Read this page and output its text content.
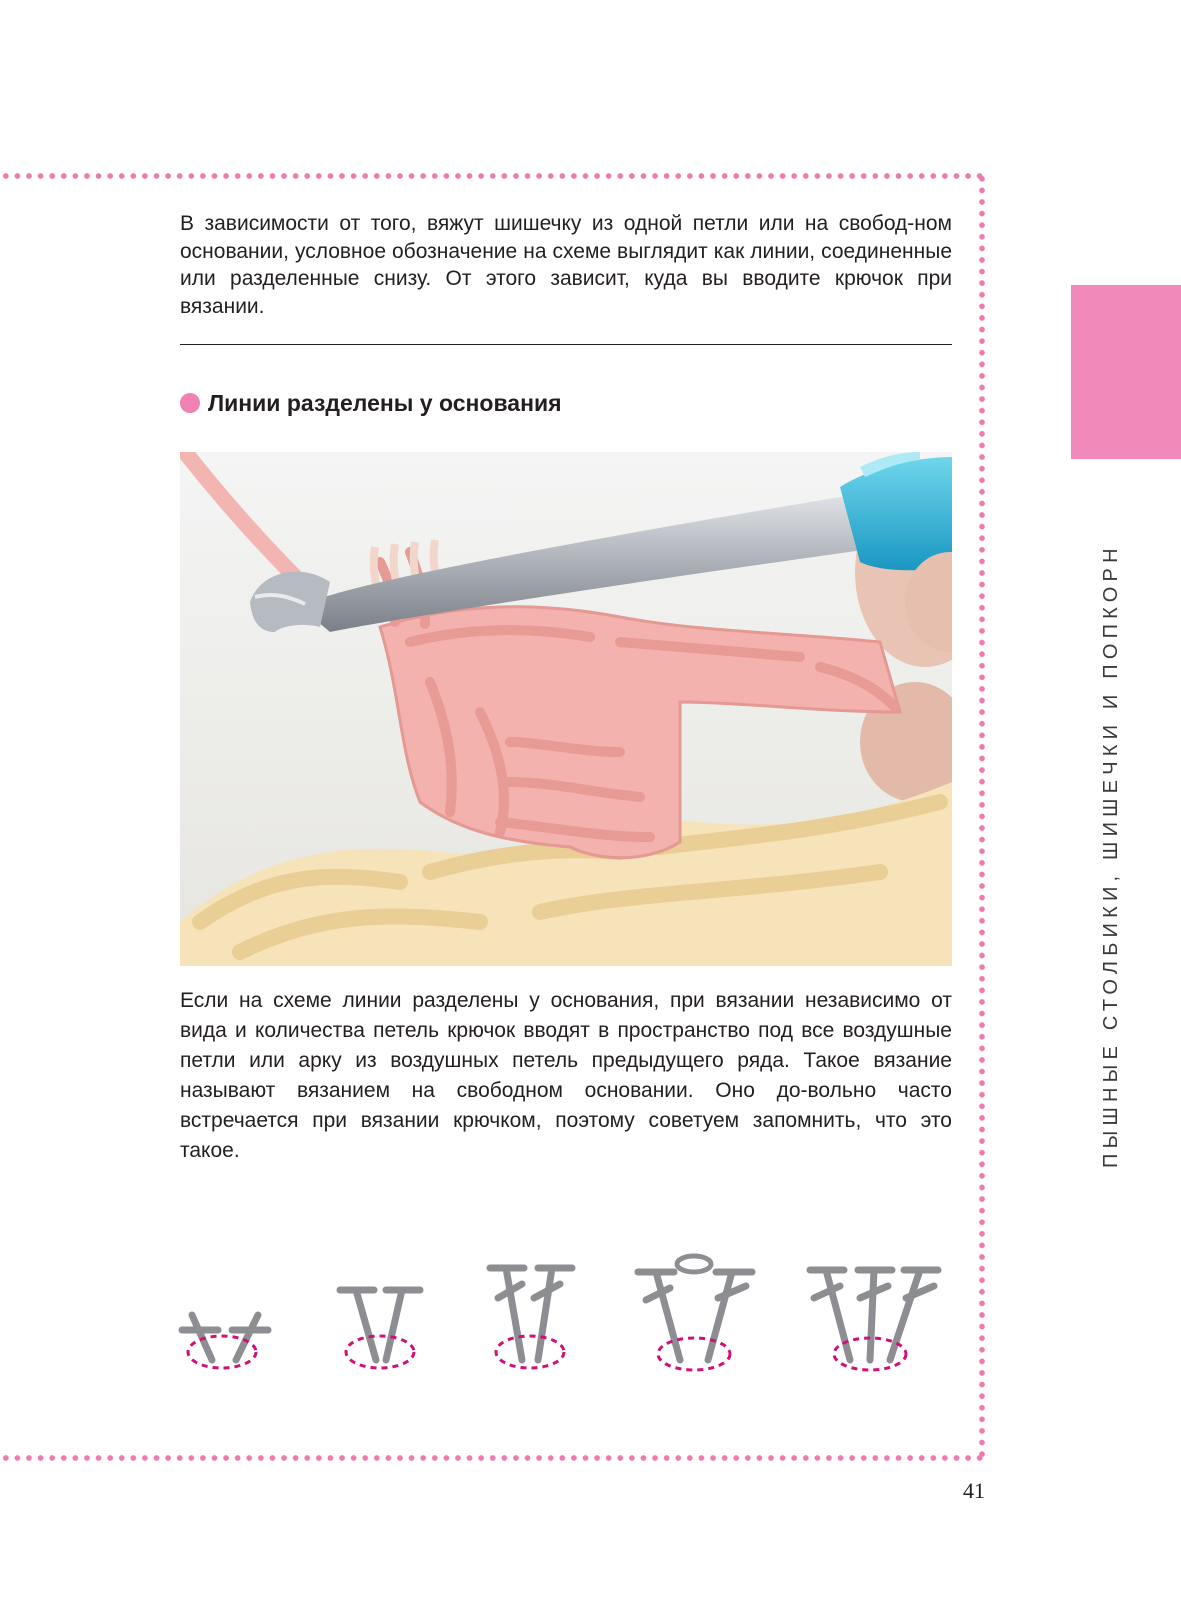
В зависимости от того, вяжут шишечку из одной петли или на свобод-ном основании, условное обозначение на схеме выглядит как линии, соединенные или разделенные снизу. От этого зависит, куда вы вводите крючок при вязании.

Линии разделены у основания

Если на схеме линии разделены у основания, при вязании независимо от вида и количества петель крючок вводят в пространство под все воздушные петли или арку из воздушных петель предыдущего ряда. Такое вязание называют вязанием на свободном основании. Оно до-вольно часто встречается при вязании крючком, поэтому советуем запомнить, что это такое.	ПЫШНЫЕ СТОЛБИКИ, ШИШЕЧКИ И ПОПКОРН
41
